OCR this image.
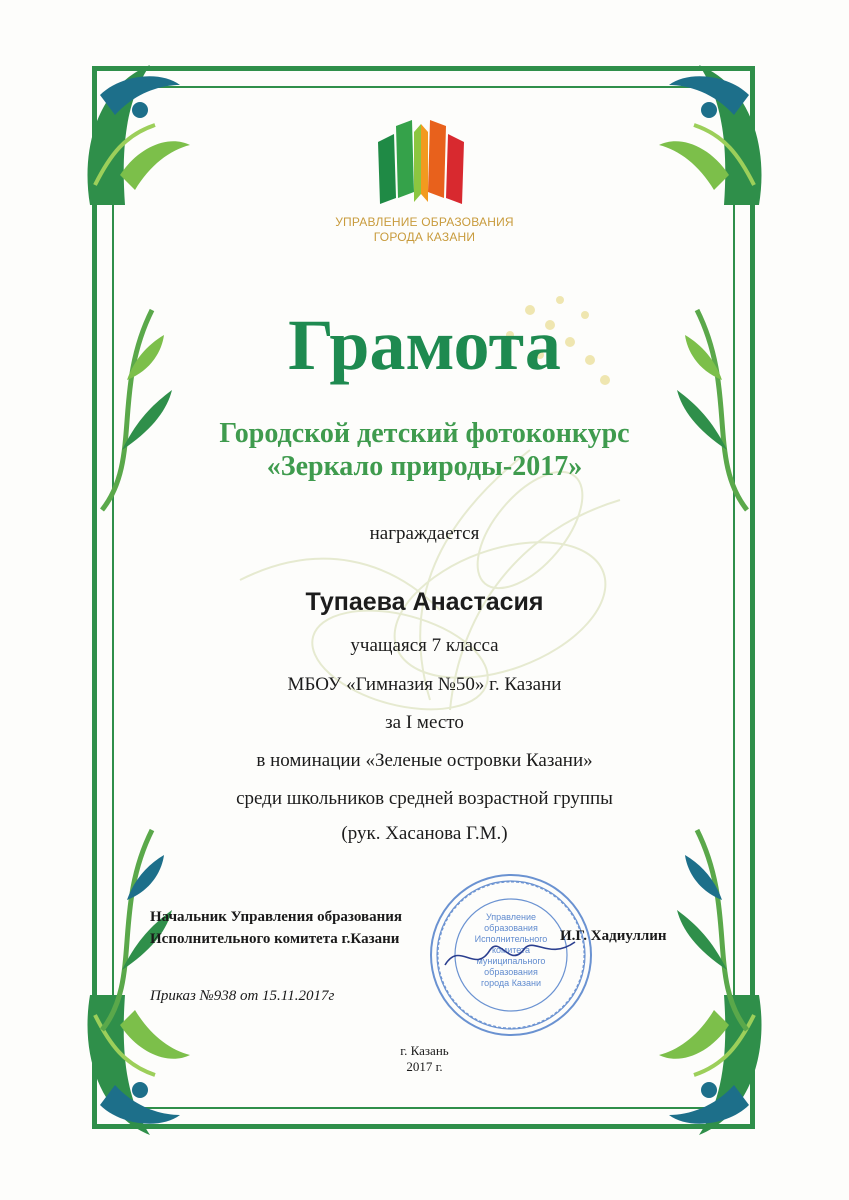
УПРАВЛЕНИЕ ОБРАЗОВАНИЯ
ГОРОДА КАЗАНИ
Грамота
Городской детский фотоконкурс
«Зеркало природы-2017»
награждается
Тупаева Анастасия
учащаяся 7 класса
МБОУ «Гимназия №50» г. Казани
за I место
в номинации «Зеленые островки Казани»
среди школьников средней возрастной группы
(рук. Хасанова Г.М.)
Управление
образования
Исполнительного
комитета
муниципального
образования
города Казани
Начальник Управления образования
Исполнительного комитета г.Казани	И.Г. Хадиуллин
Приказ №938 от 15.11.2017г
г. Казань
2017 г.
